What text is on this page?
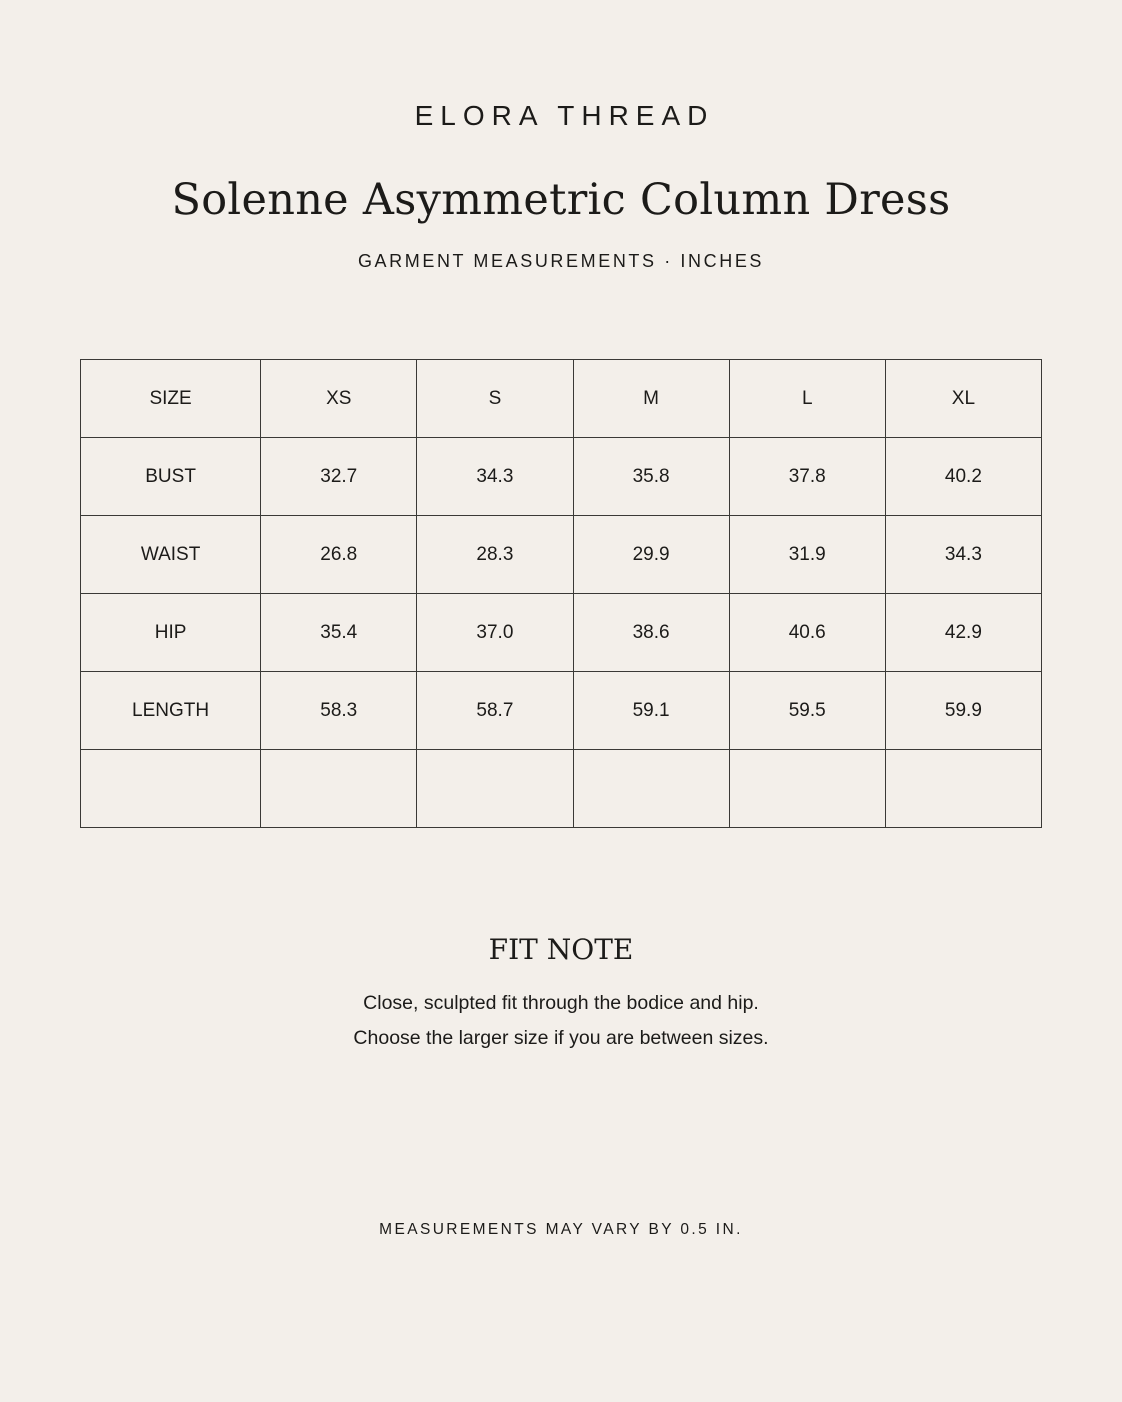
ELORA THREAD
Solenne Asymmetric Column Dress
GARMENT MEASUREMENTS · INCHES
SIZE	XS	S	M	L	XL
BUST	32.7	34.3	35.8	37.8	40.2
WAIST	26.8	28.3	29.9	31.9	34.3
HIP	35.4	37.0	38.6	40.6	42.9
LENGTH	58.3	58.7	59.1	59.5	59.9

FIT NOTE
Close, sculpted fit through the bodice and hip.
Choose the larger size if you are between sizes.
MEASUREMENTS MAY VARY BY 0.5 IN.
